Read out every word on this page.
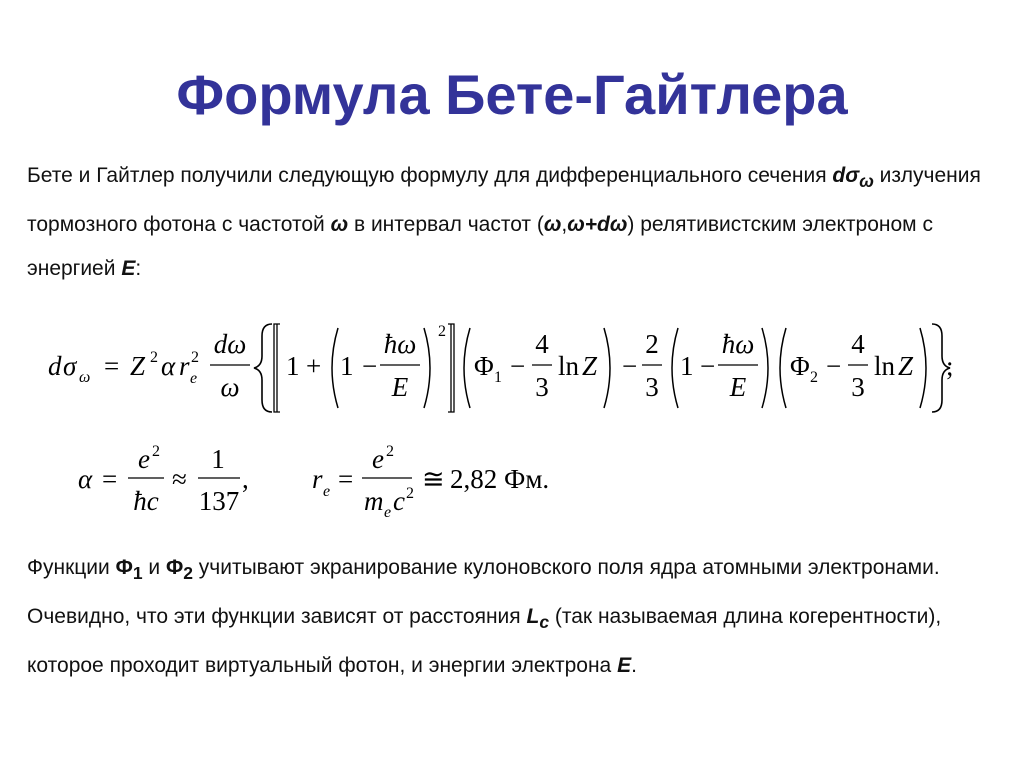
Формула Бете-Гайтлера

Бете и Гайтлер получили следующую формулу для дифференциального сечения $d\sigma_\omega$ излучения тормозного фотона с частотой ω в интервал частот (ω,ω+dω) релятивистским электроном с энергией E:

d σ ω = Z 2 α r 2
e
dω
ω
1 + 1 −
ħω
E
2
Φ 1 −
4
3
ln Z −
2
3
1 −
ħω
E
Φ 2 −
4
3
ln Z ;
α =
e 2
ħc
≈
1
137
, r e =
e 2
m e c 2 ≅ 2,82 Фм.

Функции $\Phi_1$ и $\Phi_2$ учитывают экранирование кулоновского поля ядра атомными электронами. Очевидно, что эти функции зависят от расстояния $L_c$ (так называемая длина когерентности), которое проходит виртуальный фотон, и энергии электрона E.
